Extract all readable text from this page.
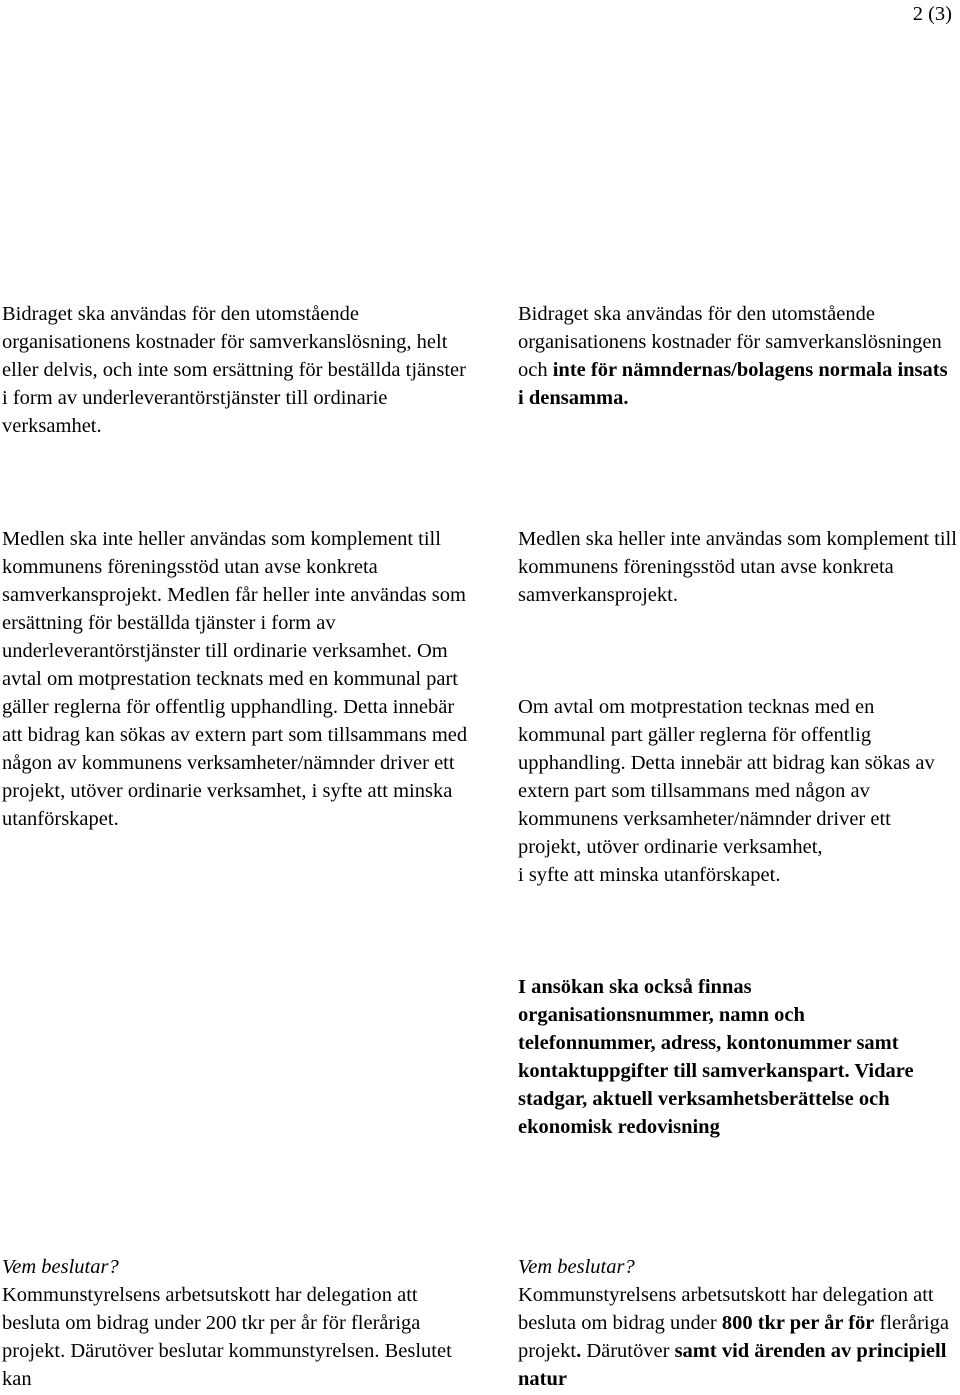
2 (3)

Bidraget ska användas för den utomstående organisationens kostnader för samverkanslösning, helt eller delvis, och inte som ersättning för beställda tjänster i form av underleverantörstjänster till ordinarie verksamhet.

Medlen ska inte heller användas som komplement till kommunens föreningsstöd utan avse konkreta samverkansprojekt. Medlen får heller inte användas som ersättning för beställda tjänster i form av underleverantörstjänster till ordinarie verksamhet. Om avtal om motprestation tecknats med en kommunal part gäller reglerna för offentlig upphandling. Detta innebär att bidrag kan sökas av extern part som tillsammans med någon av kommunens verksamheter/nämnder driver ett projekt, utöver ordinarie verksamhet, i syfte att minska utanförskapet.

Vem beslutar?
Kommunstyrelsens arbetsutskott har delegation att besluta om bidrag under 200 tkr per år för fleråriga projekt. Därutöver beslutar kommunstyrelsen. Beslutet kan

Bidraget ska användas för den utomstående organisationens kostnader för samverkanslösningen och inte för nämndernas/bolagens normala insats i densamma.

Medlen ska heller inte användas som komplement till kommunens föreningsstöd utan avse konkreta samverkansprojekt.

Om avtal om motprestation tecknas med en kommunal part gäller reglerna för offentlig upphandling. Detta innebär att bidrag kan sökas av extern part som tillsammans med någon av kommunens verksamheter/nämnder driver ett projekt, utöver ordinarie verksamhet,
i syfte att minska utanförskapet.

I ansökan ska också finnas organisationsnummer, namn och telefonnummer, adress, kontonummer samt kontaktuppgifter till samverkanspart. Vidare stadgar, aktuell verksamhetsberättelse och ekonomisk redovisning

Vem beslutar?
Kommunstyrelsens arbetsutskott har delegation att besluta om bidrag under 800 tkr per år för fleråriga projekt. Därutöver samt vid ärenden av principiell natur
